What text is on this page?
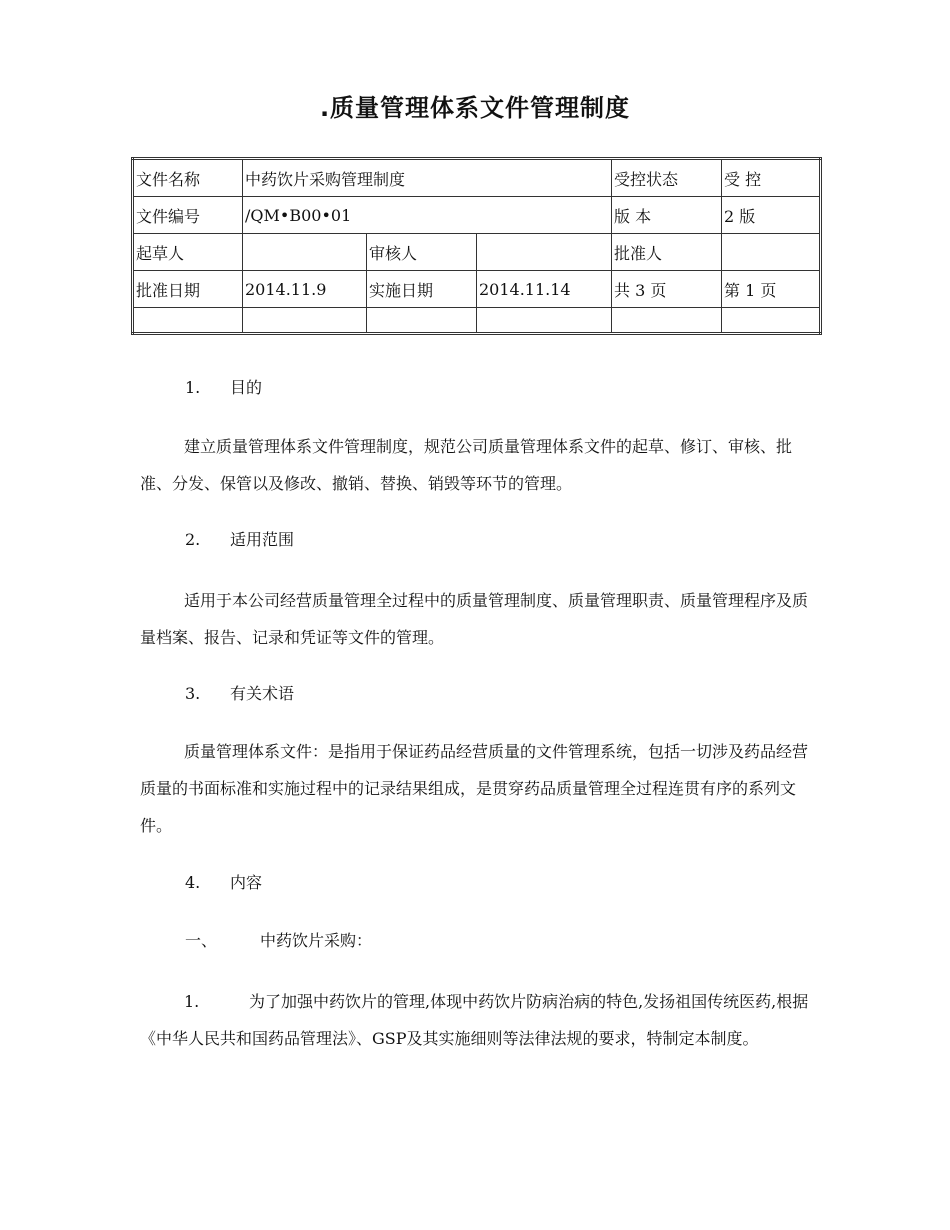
.质量管理体系文件管理制度
文件名称	中药饮片采购管理制度			受控状态	受 控
文件编号	/QM•B00•01			版 本	2 版
起草人		审核人		批准人	
批准日期	2014.11.9	实施日期	2014.11.14	共 3 页	第 1 页

1. 目的

建立质量管理体系文件管理制度，规范公司质量管理体系文件的起草、修订、审核、批准、分发、保管以及修改、撤销、替换、销毁等环节的管理。

2. 适用范围

适用于本公司经营质量管理全过程中的质量管理制度、质量管理职责、质量管理程序及质量档案、报告、记录和凭证等文件的管理。

3. 有关术语

质量管理体系文件：是指用于保证药品经营质量的文件管理系统，包括一切涉及药品经营质量的书面标准和实施过程中的记录结果组成，是贯穿药品质量管理全过程连贯有序的系列文件。

4. 内容
一、	中药饮片采购：

1.	为了加强中药饮片的管理,体现中药饮片防病治病的特色,发扬祖国传统医药,根据《中华人民共和国药品管理法》、GSP及其实施细则等法律法规的要求，特制定本制度。
